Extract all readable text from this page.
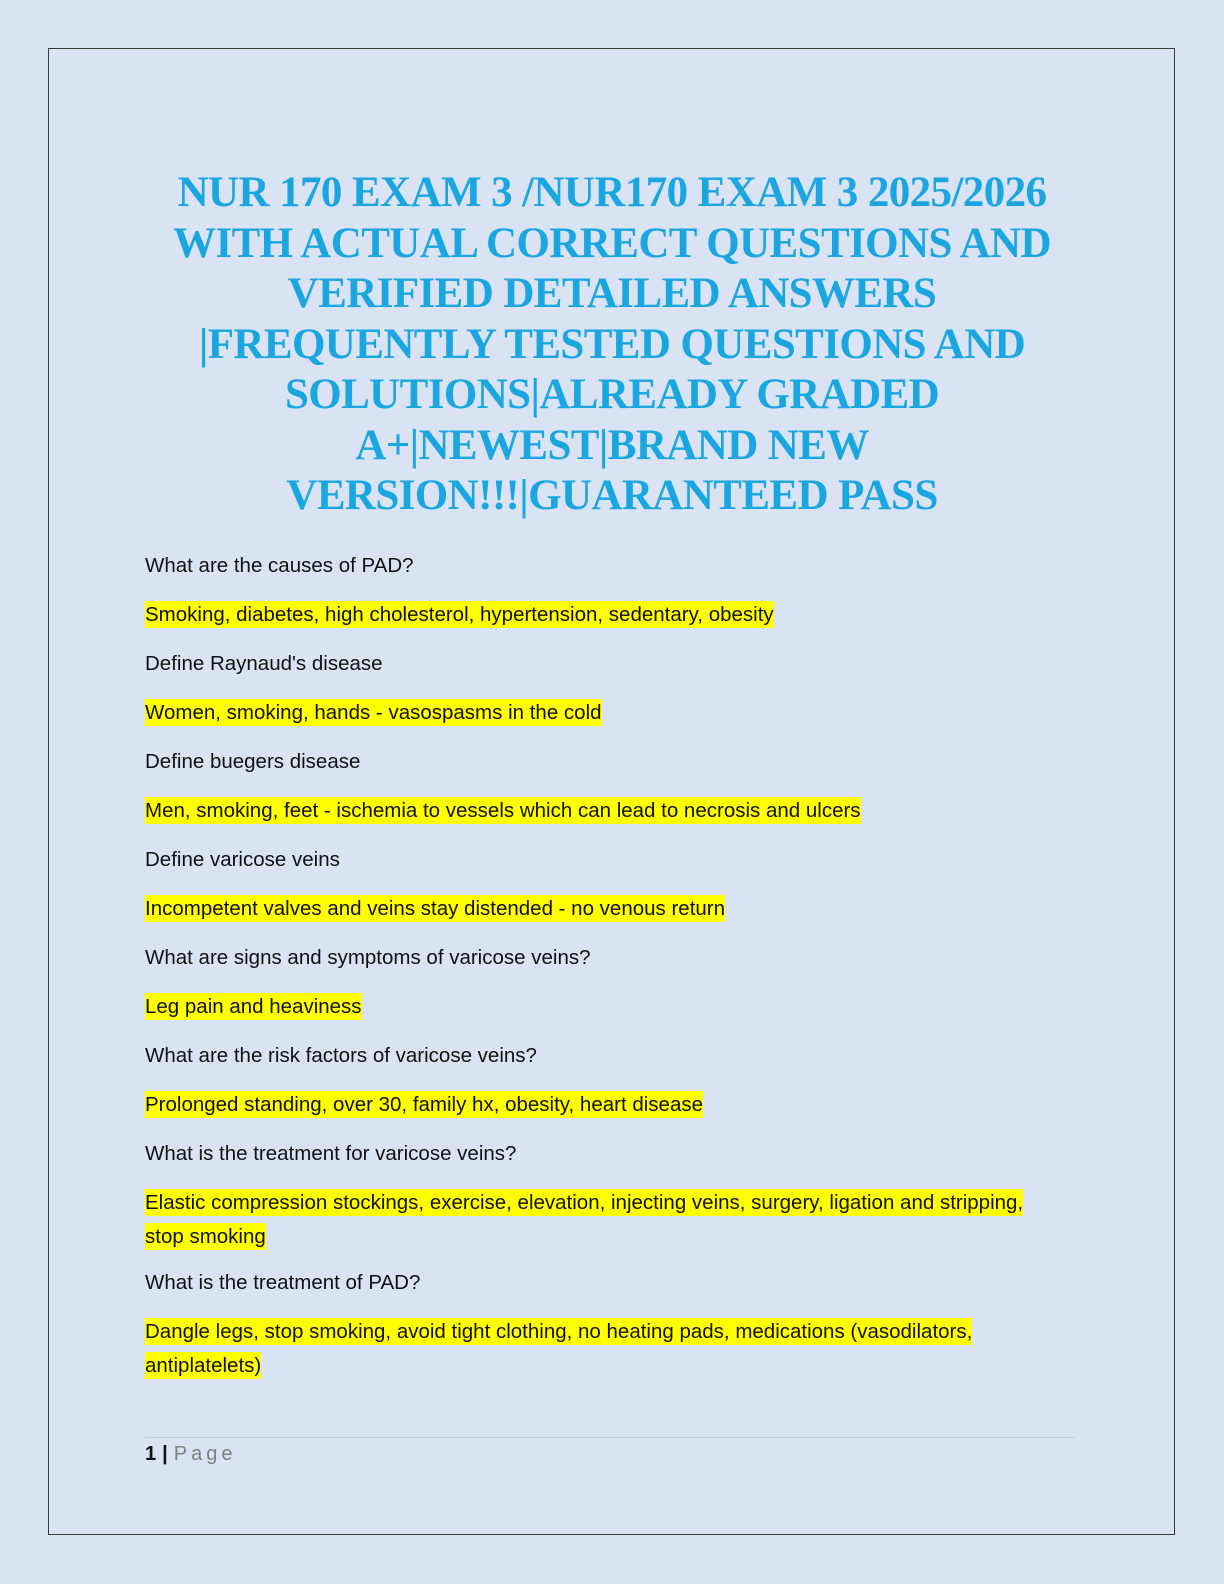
NUR 170 EXAM 3 /NUR170 EXAM 3 2025/2026
WITH ACTUAL CORRECT QUESTIONS AND
VERIFIED DETAILED ANSWERS
|FREQUENTLY TESTED QUESTIONS AND
SOLUTIONS|ALREADY GRADED
A+|NEWEST|BRAND NEW
VERSION!!!|GUARANTEED PASS

What are the causes of PAD?

Smoking, diabetes, high cholesterol, hypertension, sedentary, obesity

Define Raynaud's disease

Women, smoking, hands - vasospasms in the cold

Define buegers disease

Men, smoking, feet - ischemia to vessels which can lead to necrosis and ulcers

Define varicose veins

Incompetent valves and veins stay distended - no venous return

What are signs and symptoms of varicose veins?

Leg pain and heaviness

What are the risk factors of varicose veins?

Prolonged standing, over 30, family hx, obesity, heart disease

What is the treatment for varicose veins?

Elastic compression stockings, exercise, elevation, injecting veins, surgery, ligation and stripping,
stop smoking

What is the treatment of PAD?

Dangle legs, stop smoking, avoid tight clothing, no heating pads, medications (vasodilators,
antiplatelets)

1 | Page
